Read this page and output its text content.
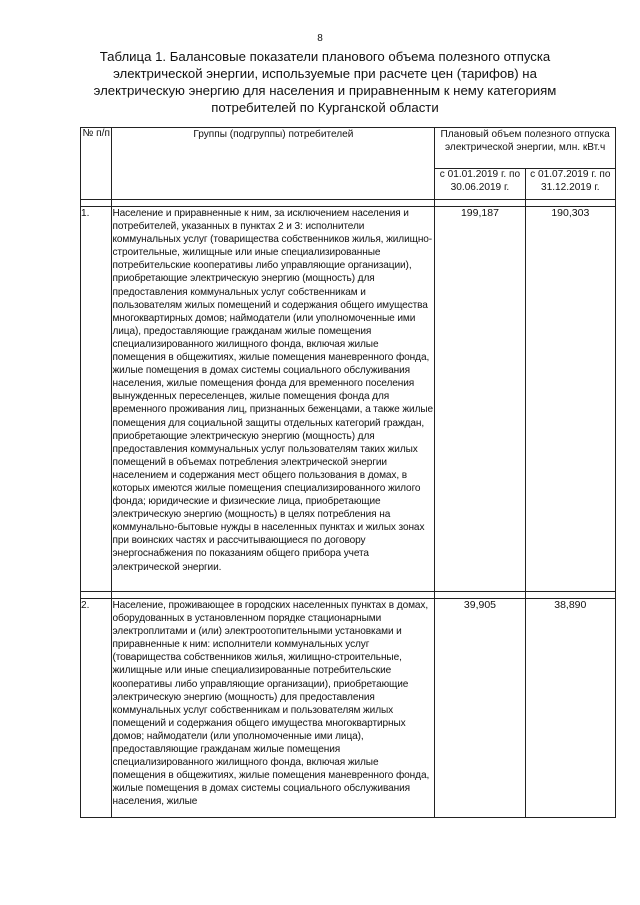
8
Таблица 1. Балансовые показатели планового объема полезного отпуска электрической энергии, используемые при расчете цен (тарифов) на электрическую энергию для населения и приравненным к нему категориям потребителей по Курганской области
№ п/п	Группы (подгруппы) потребителей	Плановый объем полезного отпуска электрической энергии, млн. кВт.ч	
		с 01.01.2019 г. по 30.06.2019 г.	с 01.07.2019 г. по 31.12.2019 г.

1.	Население и приравненные к ним, за исключением населения и потребителей, указанных в пунктах 2 и 3: исполнители коммунальных услуг (товарищества собственников жилья, жилищно-строительные, жилищные или иные специализированные потребительские кооперативы либо управляющие организации), приобретающие электрическую энергию (мощность) для предоставления коммунальных услуг собственникам и пользователям жилых помещений и содержания общего имущества многоквартирных домов; наймодатели (или уполномоченные ими лица), предоставляющие гражданам жилые помещения специализированного жилищного фонда, включая жилые помещения в общежитиях, жилые помещения маневренного фонда, жилые помещения в домах системы социального обслуживания населения, жилые помещения фонда для временного поселения вынужденных переселенцев, жилые помещения фонда для временного проживания лиц, признанных беженцами, а также жилые помещения для социальной защиты отдельных категорий граждан, приобретающие электрическую энергию (мощность) для предоставления коммунальных услуг пользователям таких жилых помещений в объемах потребления электрической энергии населением и содержания мест общего пользования в домах, в которых имеются жилые помещения специализированного жилого фонда; юридические и физические лица, приобретающие электрическую энергию (мощность) в целях потребления на коммунально-бытовые нужды в населенных пунктах и жилых зонах при воинских частях и рассчитывающиеся по договору энергоснабжения по показаниям общего прибора учета электрической энергии.	199,187	190,303

2.	Население, проживающее в городских населенных пунктах в домах, оборудованных в установленном порядке стационарными электроплитами и (или) электроотопительными установками и приравненные к ним: исполнители коммунальных услуг (товарищества собственников жилья, жилищно-строительные, жилищные или иные специализированные потребительские кооперативы либо управляющие организации), приобретающие электрическую энергию (мощность) для предоставления коммунальных услуг собственникам и пользователям жилых помещений и содержания общего имущества многоквартирных домов; наймодатели (или уполномоченные ими лица), предоставляющие гражданам жилые помещения специализированного жилищного фонда, включая жилые помещения в общежитиях, жилые помещения маневренного фонда, жилые помещения в домах системы социального обслуживания населения, жилые	39,905	38,890
